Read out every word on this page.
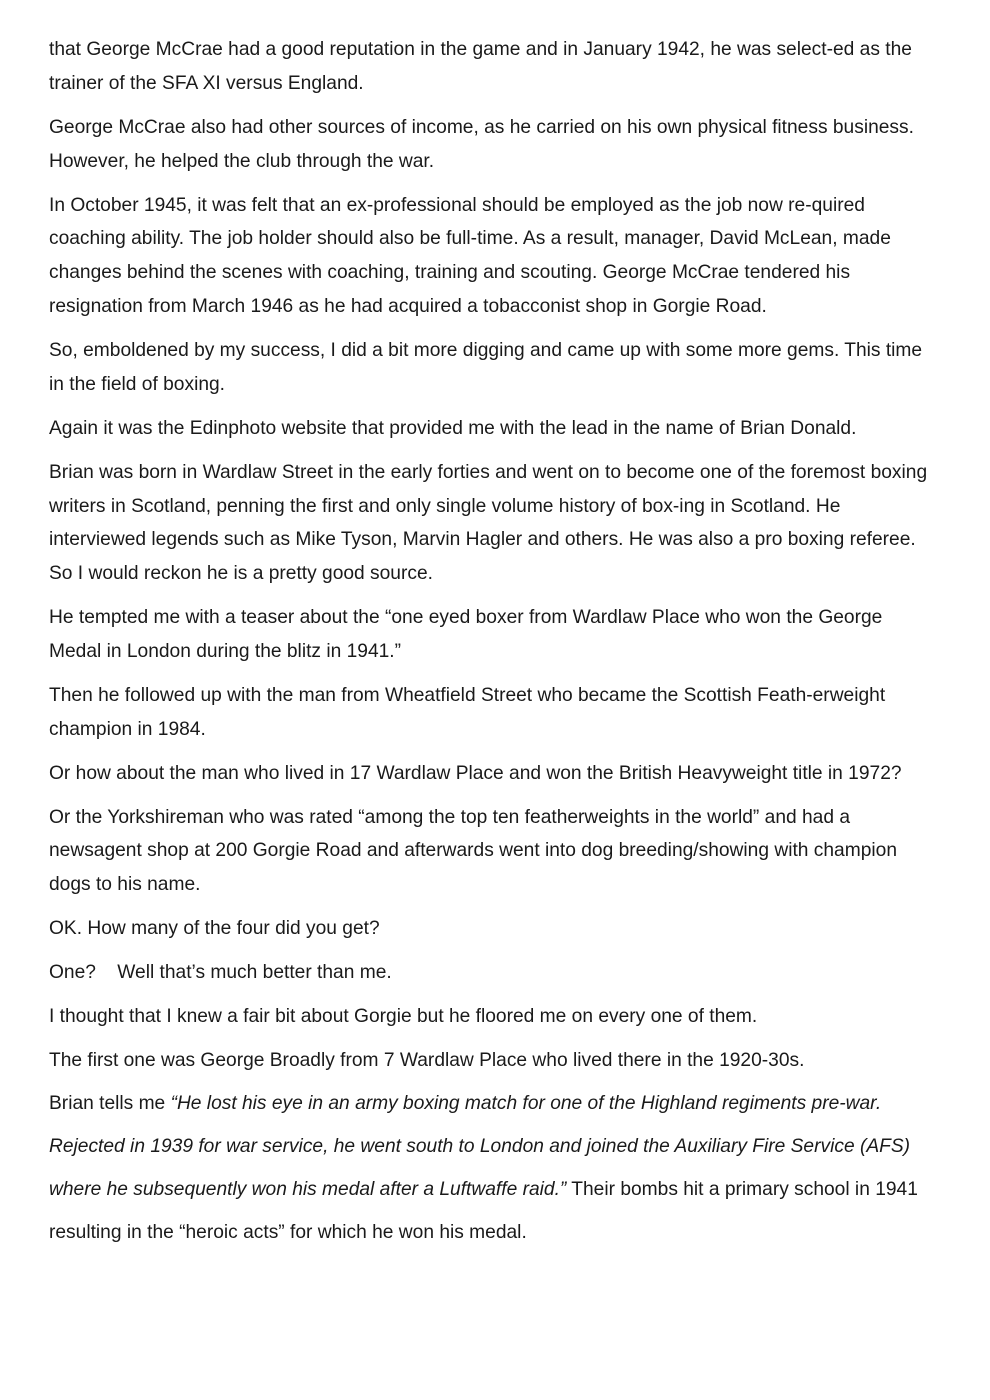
that George McCrae had a good reputation in the game and in January 1942, he was select-ed as the trainer of the SFA XI versus England.

George McCrae also had other sources of income, as he carried on his own physical fitness business. However, he helped the club through the war.

In October 1945, it was felt that an ex-professional should be employed as the job now re-quired coaching ability. The job holder should also be full-time. As a result, manager, David McLean, made changes behind the scenes with coaching, training and scouting. George McCrae tendered his resignation from March 1946 as he had acquired a tobacconist shop in Gorgie Road.

So, emboldened by my success, I did a bit more digging and came up with some more gems. This time in the field of boxing.

Again it was the Edinphoto website that provided me with the lead in the name of Brian Donald.

Brian was born in Wardlaw Street in the early forties and went on to become one of the foremost boxing writers in Scotland, penning the first and only single volume history of box-ing in Scotland. He interviewed legends such as Mike Tyson, Marvin Hagler and others. He was also a pro boxing referee. So I would reckon he is a pretty good source.

He tempted me with a teaser about the “one eyed boxer from Wardlaw Place who won the George Medal in London during the blitz in 1941.”

Then he followed up with the man from Wheatfield Street who became the Scottish Feath-erweight champion in 1984.

Or how about the man who lived in 17 Wardlaw Place and won the British Heavyweight title in 1972?

Or the Yorkshireman who was rated “among the top ten featherweights in the world” and had a newsagent shop at 200 Gorgie Road and afterwards went into dog breeding/showing with champion dogs to his name.

OK. How many of the four did you get?

One?    Well that’s much better than me.

I thought that I knew a fair bit about Gorgie but he floored me on every one of them.

The first one was George Broadly from 7 Wardlaw Place who lived there in the 1920-30s.

Brian tells me “He lost his eye in an army boxing match for one of the Highland regiments pre-war. Rejected in 1939 for war service, he went south to London and joined the Auxiliary Fire Service (AFS) where he subsequently won his medal after a Luftwaffe raid.” Their bombs hit a primary school in 1941 resulting in the “heroic acts” for which he won his medal.
